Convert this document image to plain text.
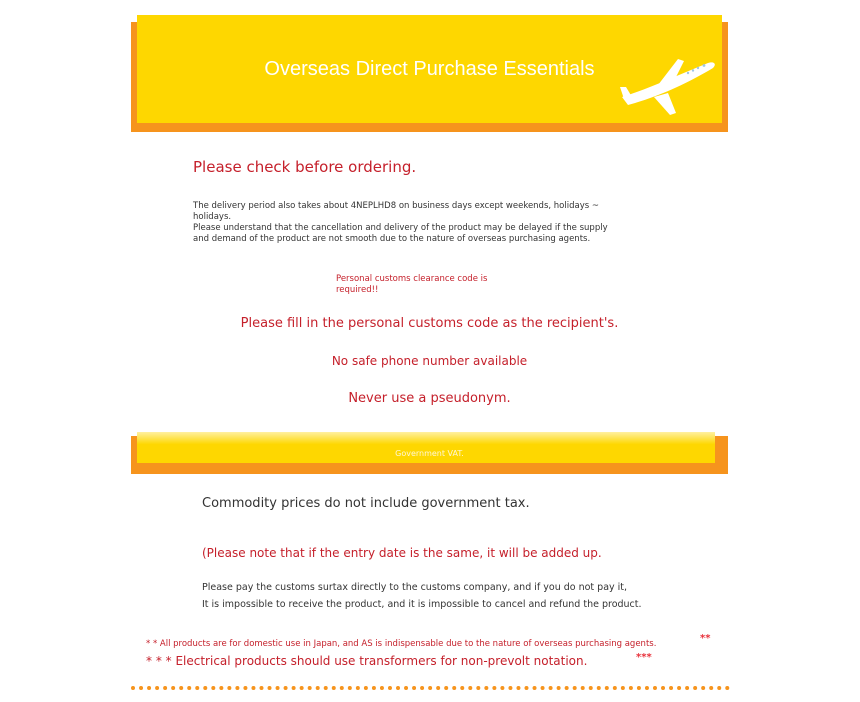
Overseas Direct Purchase Essentials
Please check before ordering.
The delivery period also takes about 4NEPLHD8 on business days except weekends, holidays ~ holidays.
Please understand that the cancellation and delivery of the product may be delayed if the supply
and demand of the product are not smooth due to the nature of overseas purchasing agents.
Personal customs clearance code is
required!!
Please fill in the personal customs code as the recipient's.
No safe phone number available
Never use a pseudonym.
Government VAT.
Commodity prices do not include government tax.
(Please note that if the entry date is the same, it will be added up.
Please pay the customs surtax directly to the customs company, and if you do not pay it,
It is impossible to receive the product, and it is impossible to cancel and refund the product.
* * All products are for domestic use in Japan, and AS is indispensable due to the nature of overseas purchasing agents.	**
* * * Electrical products should use transformers for non-prevolt notation.	***
